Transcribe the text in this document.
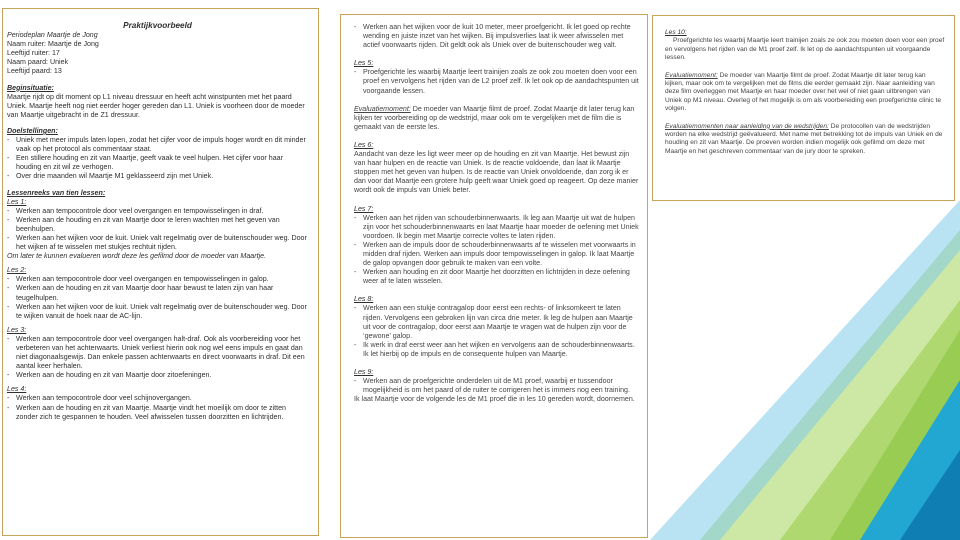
Praktijkvoorbeeld
Periodeplan Maartje de Jong
Naam ruiter: Maartje de Jong
Leeftijd ruiter: 17
Naam paard: Uniek
Leeftijd paard: 13
Beginsituatie:

Maartje rijdt op dit moment op L1 niveau dressuur en heeft acht winstpunten met het paard Uniek. Maartje heeft nog niet eerder hoger gereden dan L1. Uniek is voorheen door de moeder van Maartje uitgebracht in de Z1 dressuur.

Doelstellingen:
- Uniek met meer impuls laten lopen, zodat het cijfer voor de impuls hoger wordt en dit minder vaak op het protocol als commentaar staat.
- Een stillere houding en zit van Maartje, geeft vaak te veel hulpen. Het cijfer voor haar houding en zit wil ze verhogen.
- Over drie maanden wil Maartje M1 geklasseerd zijn met Uniek.
Lessenreeks van tien lessen:
Les 1:
- Werken aan tempocontrole door veel overgangen en tempowisselingen in draf.
- Werken aan de houding en zit van Maartje door te leren wachten met het geven van beenhulpen.
- Werken aan het wijken voor de kuit. Uniek valt regelmatig over de buitenschouder weg. Door het wijken af te wisselen met stukjes rechtuit rijden.
Om later te kunnen evalueren wordt deze les gefilmd door de moeder van Maartje.
Les 2:
- Werken aan tempocontrole door veel overgangen en tempowisselingen in galop.
- Werken aan de houding en zit van Maartje door haar bewust te laten zijn van haar teugelhulpen.
- Werken aan het wijken voor de kuit. Uniek valt regelmatig over de buitenschouder weg. Door te wijken vanuit de hoek naar de AC-lijn.
Les 3:
- Werken aan tempocontrole door veel overgangen halt-draf. Ook als voorbereiding voor het verbeteren van het achterwaarts. Uniek verliest hierin ook nog wel eens impuls en gaat dan niet diagonaalsgewijs. Dan enkele passen achterwaarts en direct voorwaarts in draf. Dit een aantal keer herhalen.
- Werken aan de houding en zit van Maartje door zitoefeningen.
Les 4:
- Werken aan tempocontrole door veel schijnovergangen.
- Werken aan de houding en zit van Maartje. Maartje vindt het moeilijk om door te zitten zonder zich te gespannen te houden. Veel afwisselen tussen doorzitten en lichtrijden.
- Werken aan het wijken voor de kuit 10 meter, meer proefgericht. Ik let goed op rechte wending en juiste inzet van het wijken. Bij impulsverlies laat ik weer afwisselen met actief voorwaarts rijden. Dit geldt ook als Uniek over de buitenschouder weg valt.
Les 5:
- Proefgerichte les waarbij Maartje leert trainijen zoals ze ook zou moeten doen voor een proef en vervolgens het rijden van de L2 proef zelf. Ik let ook op de aandachtspunten uit voorgaande lessen.

Evaluatiemoment: De moeder van Maartje filmt de proef. Zodat Maartje dit later terug kan kijken ter voorbereiding op de wedstrijd, maar ook om te vergelijken met de film die is gemaakt van de eerste les.

Les 6:

Aandacht van deze les ligt weer meer op de houding en zit van Maartje. Het bewust zijn van haar hulpen en de reactie van Uniek. Is de reactie voldoende, dan laat ik Maartje stoppen met het geven van hulpen. Is de reactie van Uniek onvoldoende, dan zorg ik er dan voor dat Maartje een grotere hulp geeft waar Uniek goed op reageert. Op deze manier wordt ook de impuls van Uniek beter.

Les 7:
- Werken aan het rijden van schouderbinnenwaarts. Ik leg aan Maartje uit wat de hulpen zijn voor het schouderbinnenwaarts en laat Maartje haar moeder de oefening met Uniek voordoen. Ik begin met Maartje correcte voltes te laten rijden.
- Werken aan de impuls door de schouderbinnenwaarts af te wisselen met voorwaarts in midden draf rijden. Werken aan impuls door tempowisselingen in galop. Ik laat Maartje de galop opvangen door gebruik te maken van een volte.
- Werken aan houding en zit door Maartje het doorzitten en lichtrijden in deze oefening weer af te laten wisselen.
Les 8:
- Werken aan een stukje contragalop door eerst een rechts- of linksomkeert te laten rijden. Vervolgens een gebroken lijn van circa drie meter. Ik leg de hulpen aan Maartje uit voor de contragalop, door eerst aan Maartje te vragen wat de hulpen zijn voor de ‘gewone’ galop.
- Ik werk in draf eerst weer aan het wijken en vervolgens aan de schouderbinnenwaarts. Ik let hierbij op de impuls en de consequente hulpen van Maartje.
Les 9:
- Werken aan de proefgerichte onderdelen uit de M1 proef, waarbij er tussendoor mogelijkheid is om het paard of de ruiter te corrigeren het is immers nog een training.

Ik laat Maartje voor de volgende les de M1 proef die in les 10 gereden wordt, doornemen.

Les 10:

Proefgerichte les waarbij Maartje leert trainijen zoals ze ook zou moeten doen voor een proef en vervolgens het rijden van de M1 proef zelf. Ik let op de aandachtspunten uit voorgaande lessen.

Evaluatiemoment: De moeder van Maartje filmt de proef. Zodat Maartje dit later terug kan kijken, maar ook om te vergelijken met de films die eerder gemaakt zijn. Naar aanleiding van deze film overleggen met Maartje en haar moeder over het wel of niet gaan uitbrengen van Uniek op M1 niveau. Overleg of het mogelijk is om als voorbereiding een proefgerichte clinic te volgen.

Evaluatiemomenten naar aanleiding van de wedstrijden: De protocollen van de wedstrijden worden na elke wedstrijd geëvalueerd. Met name met betrekking tot de impuls van Uniek en de houding en zit van Maartje. De proeven worden indien mogelijk ook gefilmd om deze met Maartje en het geschreven commentaar van de jury door te spreken.
